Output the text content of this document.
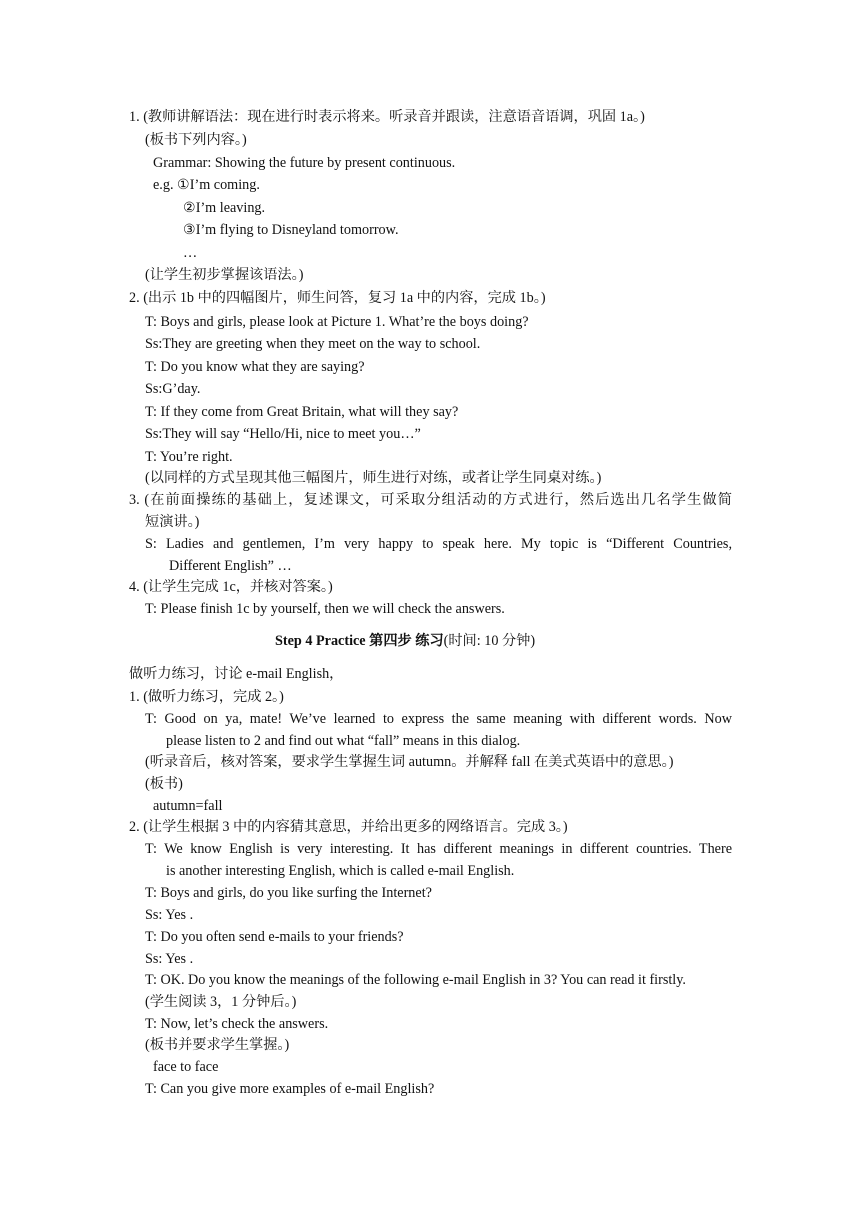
1. (教师讲解语法：现在进行时表示将来。听录音并跟读，注意语音语调，巩固 1a。)
(板书下列内容。)
Grammar: Showing the future by present continuous.
e.g. ①I’m coming.
②I’m leaving.
③I’m flying to Disneyland tomorrow.
…
(让学生初步掌握该语法。)
2. (出示 1b 中的四幅图片，师生问答，复习 1a 中的内容，完成 1b。)
T: Boys and girls, please look at Picture 1. What’re the boys doing?
Ss:They are greeting when they meet on the way to school.
T: Do you know what they are saying?
Ss:G’day.
T: If they come from Great Britain, what will they say?
Ss:They will say “Hello/Hi, nice to meet you…”
T: You’re right.
(以同样的方式呈现其他三幅图片，师生进行对练，或者让学生同桌对练。)
3. (在前面操练的基础上，复述课文，可采取分组活动的方式进行，然后选出几名学生做简
短演讲。)
S: Ladies and gentlemen, I’m very happy to speak here. My topic is “Different Countries,
Different English” …
4. (让学生完成 1c，并核对答案。)
T: Please finish 1c by yourself, then we will check the answers.
Step 4 Practice 第四步 练习(时间: 10 分钟)
做听力练习，讨论 e-mail English，
1. (做听力练习，完成 2。)
T: Good on ya, mate! We’ve learned to express the same meaning with different words. Now
please listen to 2 and find out what “fall” means in this dialog.
(听录音后，核对答案，要求学生掌握生词 autumn。并解释 fall 在美式英语中的意思。)
(板书)
autumn=fall
2. (让学生根据 3 中的内容猜其意思，并给出更多的网络语言。完成 3。)
T: We know English is very interesting. It has different meanings in different countries. There
is another interesting English, which is called e-mail English.
T: Boys and girls, do you like surfing the Internet?
Ss: Yes .
T: Do you often send e-mails to your friends?
Ss: Yes .
T: OK. Do you know the meanings of the following e-mail English in 3? You can read it firstly.
(学生阅读 3，1 分钟后。)
T: Now, let’s check the answers.
(板书并要求学生掌握。)
face to face
T: Can you give more examples of e-mail English?
